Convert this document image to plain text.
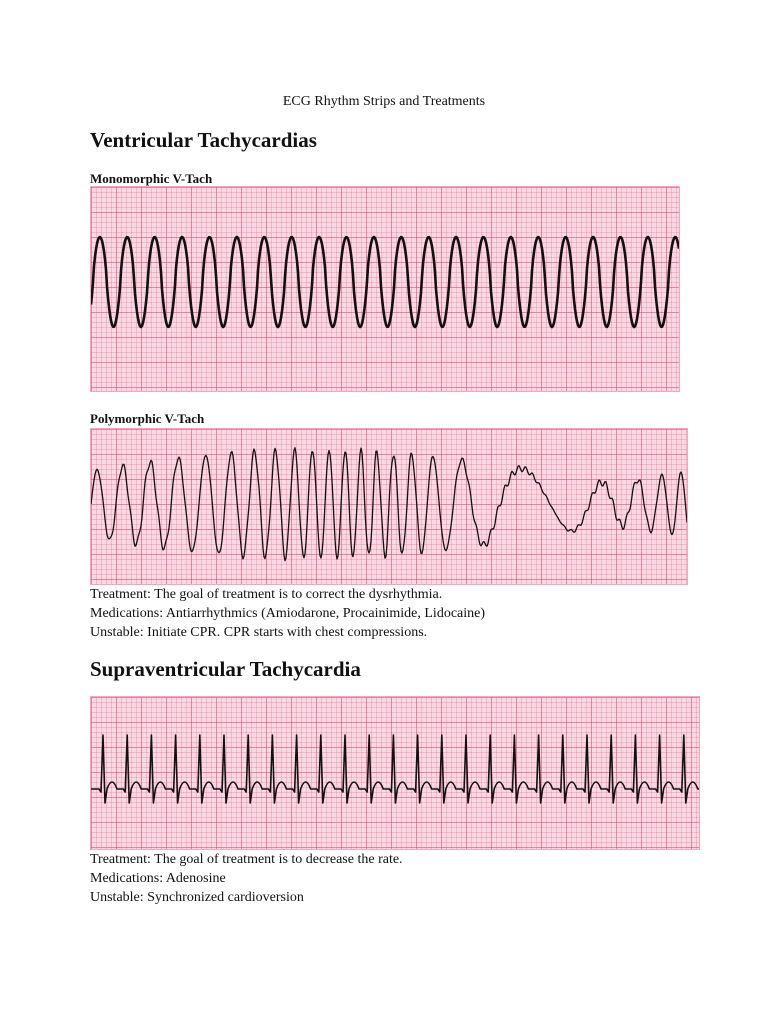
ECG Rhythm Strips and Treatments
Ventricular Tachycardias
Monomorphic V-Tach
Polymorphic V-Tach
Treatment: The goal of treatment is to correct the dysrhythmia.
Medications: Antiarrhythmics (Amiodarone, Procainimide, Lidocaine)
Unstable: Initiate CPR. CPR starts with chest compressions.
Supraventricular Tachycardia
Treatment: The goal of treatment is to decrease the rate.
Medications: Adenosine
Unstable: Synchronized cardioversion
